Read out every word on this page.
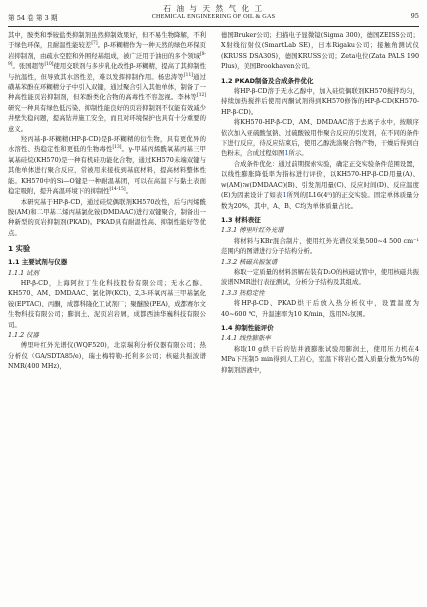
第 54 卷 第 3 期
石 油 与 天 然 气 化 工
CHEMICAL ENGINEERING OF OIL & GAS	95

其中，胺类和季铵盐类抑制剂虽然抑制效果好，但不易生物降解，不利于绿色环保，且耐温性能较差[7]。β-环糊精作为一种天然的绿色环保页岩抑制剂，由疏水空腔和外围羟基组成，被广泛用于油田的多个领域[8-9]。张国超等[10]使用交联剂与多步乳化改性β-环糊精，提高了其抑制性与抗温性，但导致其水溶性差，难以发挥抑制作用。杨忠涛等[11]通过磺基苯酚在环糊精分子中引入双键，通过聚合引入其他单体，制备了一种高性能页岩抑制剂，但苯酚类化合物的高毒性不容忽视。李林等[12]研究一种具有绿色低污染、抑制性能良好的页岩抑制剂不仅能有效减少井壁失稳问题，提高钻井施工安全，而且对环境保护也具有十分重要的意义。

羟丙基-β-环糊精(HP-β-CD)是β-环糊精的衍生物，具有更优异的水溶性、热稳定性和更低的生物毒性[13]。γ-甲基丙烯酰氧基丙基三甲氧基硅烷(KH570)是一种有机硅功能化合物，通过KH570未端双键与其他单体进行聚合反应，常被用来接枝到基底材料，提高材料整体性能。KH570中的Si—O键是一种耐温基团，可以在高温下与黏土表面稳定吸附，提升高温环境下的抑制性[14-15]。

本研究基于HP-β-CD，通过硅烷偶联剂KH570改性，后与丙烯酰胺(AM)和二甲基二烯丙基氯化铵(DMDAAC)进行双键聚合，制备出一种新型的页岩抑制剂(PKAD)。PKAD具有耐温性高、抑制性能好等优点。

1 实验
1.1 主要试剂与仪器
1.1.1 试剂

HP-β-CD，上海阿拉丁生化科技股份有限公司；无水乙醇、KH570、AM、DMDAAC、氯化钾(KCl)、2,3-环氧丙基三甲基氯化铵(EPTAC)、丙酮，成都科隆化工试剂厂；聚醚胺(PEA)，成都赛尔文生物科技有限公司；膨润土、泥页岩岩屑，成都西油华巍科技有限公司。

1.1.2 仪器

傅里叶红外光谱仪(WQF520)，北京瑞利分析仪器有限公司；热分析仪（GA/SDTA85/e)，瑞士梅特勒-托利多公司；核磁共振波谱NMR(400 MHz)，

德国Bruker公司；扫描电子显微镜(Sigma 300)，德国ZEISS公司；X射线衍射仪(SmartLab SE)，日本Rigaku公司；接触角测试仪(KRUSS DSA30S)，德国KRUSS公司；Zeta电位(Zata PALS 190 Plus)，美国Brookhaven公司。

1.2 PKAD制备及合成条件优化

将HP-β-CD溶于无水乙醇中，加入硅烷偶联剂KH570搅拌均匀，持续加热搅拌后使用丙酮试剂得到KH570修饰的HP-β-CD(KH570-HP-β-CD)。

将KH570-HP-β-CD、AM、DMDAAC溶于去离子水中，按顺序依次加入亚硫酸氢钠、过硫酸铵用作聚合反应的引发剂，在不同的条件下进行反应，待反应结束后，使用乙醇洗涤聚合物产物，干燥后得到白色粉末，合成过程如图1所示。

合成条件优化：通过前期探索实验，确定正交实验条件范围设置，以线性膨胀降低率为指标进行评价，以KH570-HP-β-CD用量(A)、w(AM)∶w(DMDAAC)(B)、引发剂用量(C)、反应时间(D)、反应温度(E)为因素设计了如表1所列的[L16(4⁵)]的正交实验。固定单体质量分数为20%，其中，A、B、C均为单体质量占比。

1.3 材料表征
1.3.1 傅里叶红外光谱

将材料与KBr混合制片，使用红外光谱仪采集500~4 500 cm⁻¹范围内的图谱进行分子结构分析。

1.3.2 核磁共振氢谱

称取一定质量的材料溶解在装有D₂O的核磁试管中，使用核磁共振波谱NMR进行表征测试，分析分子结构及其组成。

1.3.3 热稳定性

将HP-β-CD、PKAD烘干后放入热分析仪中，设置温度为40~600 ℃，升温速率为10 K/min，选用N₂氛围。

1.4 抑制性能评价
1.4.1 线性膨胀率

称取10 g烘干后的钻井液膨胀试验用膨润土，使用压力机在4 MPa下压制5 min得到人工岩心，室温下将岩心置入质量分数为5%的抑制剂溶液中，
